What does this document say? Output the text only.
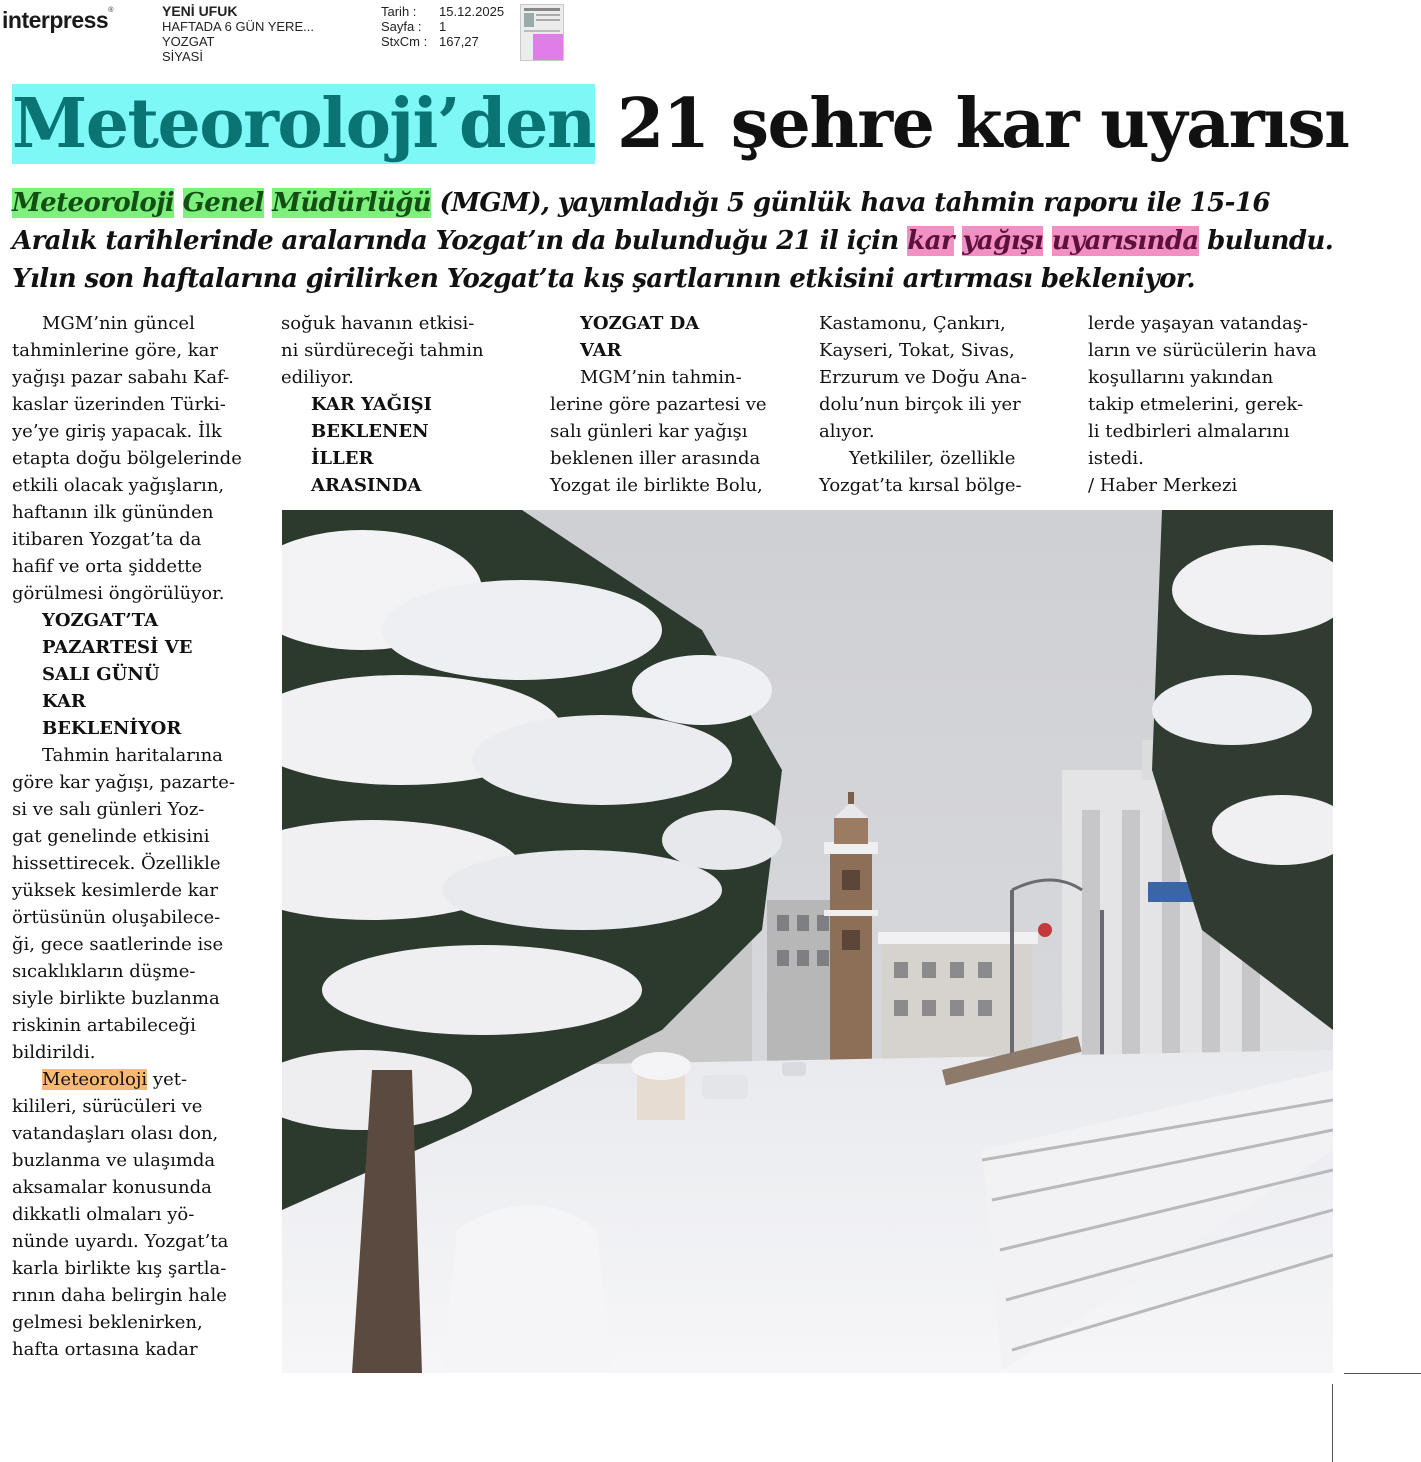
interpress®	YENİ UFUK
HAFTADA 6 GÜN YERE...
YOZGAT
SİYASİ
Tarih :	15.12.2025
Sayfa :	1
StxCm :	167,27
Meteoroloji’den 21 şehre kar uyarısı
Meteoroloji Genel Müdürlüğü (MGM), yayımladığı 5 günlük hava tahmin raporu ile 15-16 Aralık tarihlerinde aralarında Yozgat’ın da bulunduğu 21 il için kar yağışı uyarısında bulundu. Yılın son haftalarına girilirken Yozgat’ta kış şartlarının etkisini artırması bekleniyor.
MGM’nin güncel
tahminlerine göre, kar
yağışı pazar sabahı Kaf-
kaslar üzerinden Türki-
ye’ye giriş yapacak. İlk
etapta doğu bölgelerinde
etkili olacak yağışların,
haftanın ilk gününden
itibaren Yozgat’ta da
hafif ve orta şiddette
görülmesi öngörülüyor.
YOZGAT’TA
PAZARTESİ VE
SALI GÜNÜ
KAR
BEKLENİYOR
Tahmin haritalarına
göre kar yağışı, pazarte-
si ve salı günleri Yoz-
gat genelinde etkisini
hissettirecek. Özellikle
yüksek kesimlerde kar
örtüsünün oluşabilece-
ği, gece saatlerinde ise
sıcaklıkların düşme-
siyle birlikte buzlanma
riskinin artabileceği
bildirildi.
Meteoroloji yet-
kilileri, sürücüleri ve
vatandaşları olası don,
buzlanma ve ulaşımda
aksamalar konusunda
dikkatli olmaları yö-
nünde uyardı. Yozgat’ta
karla birlikte kış şartla-
rının daha belirgin hale
gelmesi beklenirken,
hafta ortasına kadar
soğuk havanın etkisi-
ni sürdüreceği tahmin
ediliyor.
KAR YAĞIŞI
BEKLENEN
İLLER
ARASINDA
YOZGAT DA
VAR
MGM’nin tahmin-
lerine göre pazartesi ve
salı günleri kar yağışı
beklenen iller arasında
Yozgat ile birlikte Bolu,
Kastamonu, Çankırı,
Kayseri, Tokat, Sivas,
Erzurum ve Doğu Ana-
dolu’nun birçok ili yer
alıyor.
Yetkililer, özellikle
Yozgat’ta kırsal bölge-
lerde yaşayan vatandaş-
ların ve sürücülerin hava
koşullarını yakından
takip etmelerini, gerek-
li tedbirleri almalarını
istedi.
/ Haber Merkezi
